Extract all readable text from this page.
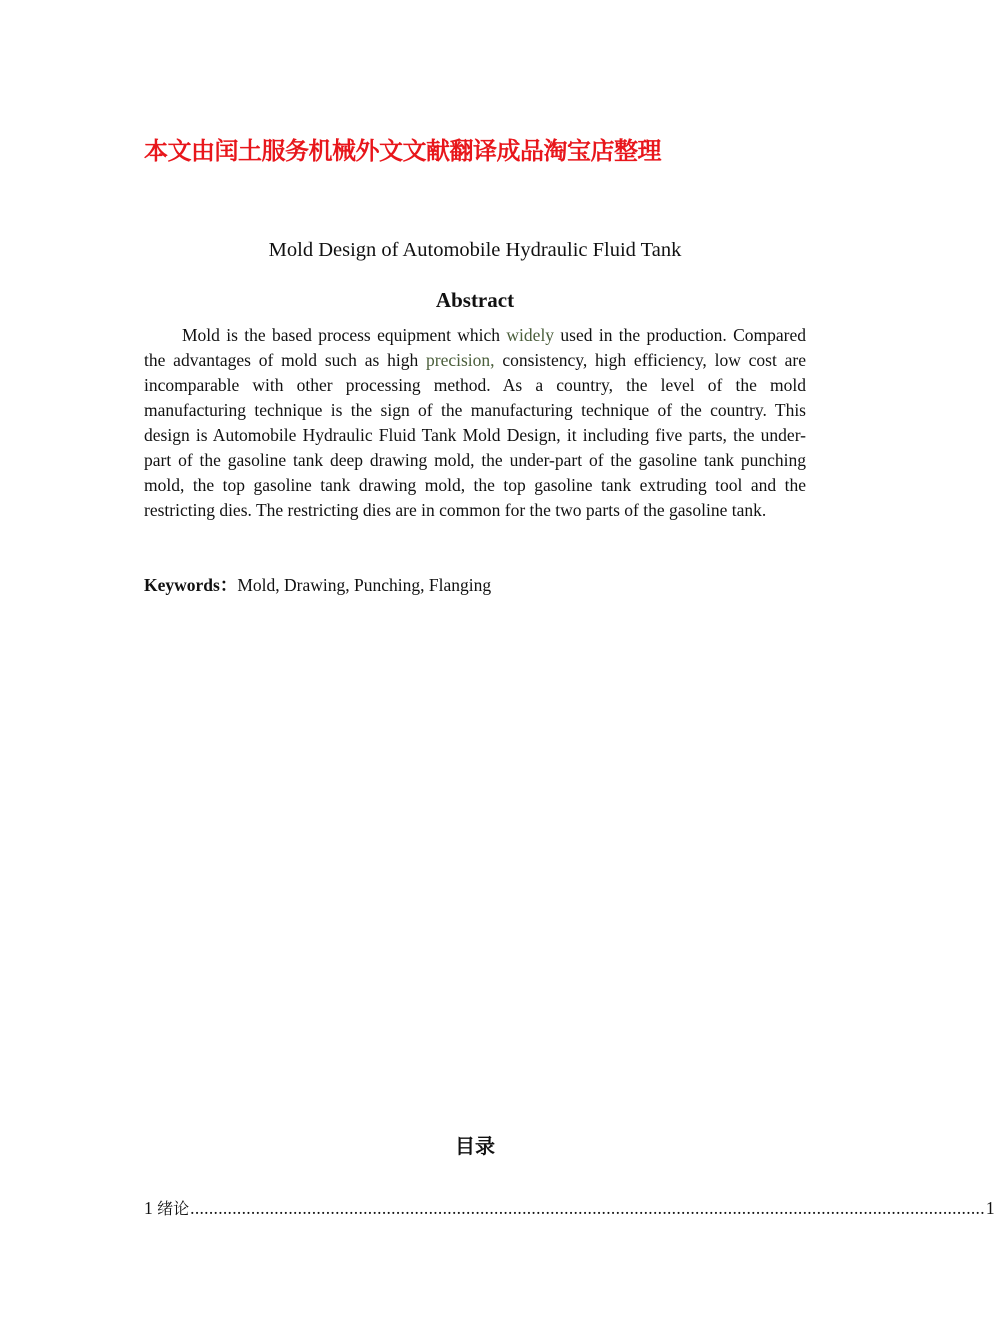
本文由闰土服务机械外文文献翻译成品淘宝店整理
Mold Design of Automobile Hydraulic Fluid Tank
Abstract

Mold is the based process equipment which widely used in the production. Compared the advantages of mold such as high precision, consistency, high efficiency, low cost are incomparable with other processing method. As a country, the level of the mold manufacturing technique is the sign of the manufacturing technique of the country. This design is Automobile Hydraulic Fluid Tank Mold Design, it including five parts, the under-part of the gasoline tank deep drawing mold, the under-part of the gasoline tank punching mold, the top gasoline tank drawing mold, the top gasoline tank extruding tool and the restricting dies. The restricting dies are in common for the two parts of the gasoline tank.

Keywords：Mold, Drawing, Punching, Flanging
目录
1 绪论 .......................................................................................................................................................................... 1
